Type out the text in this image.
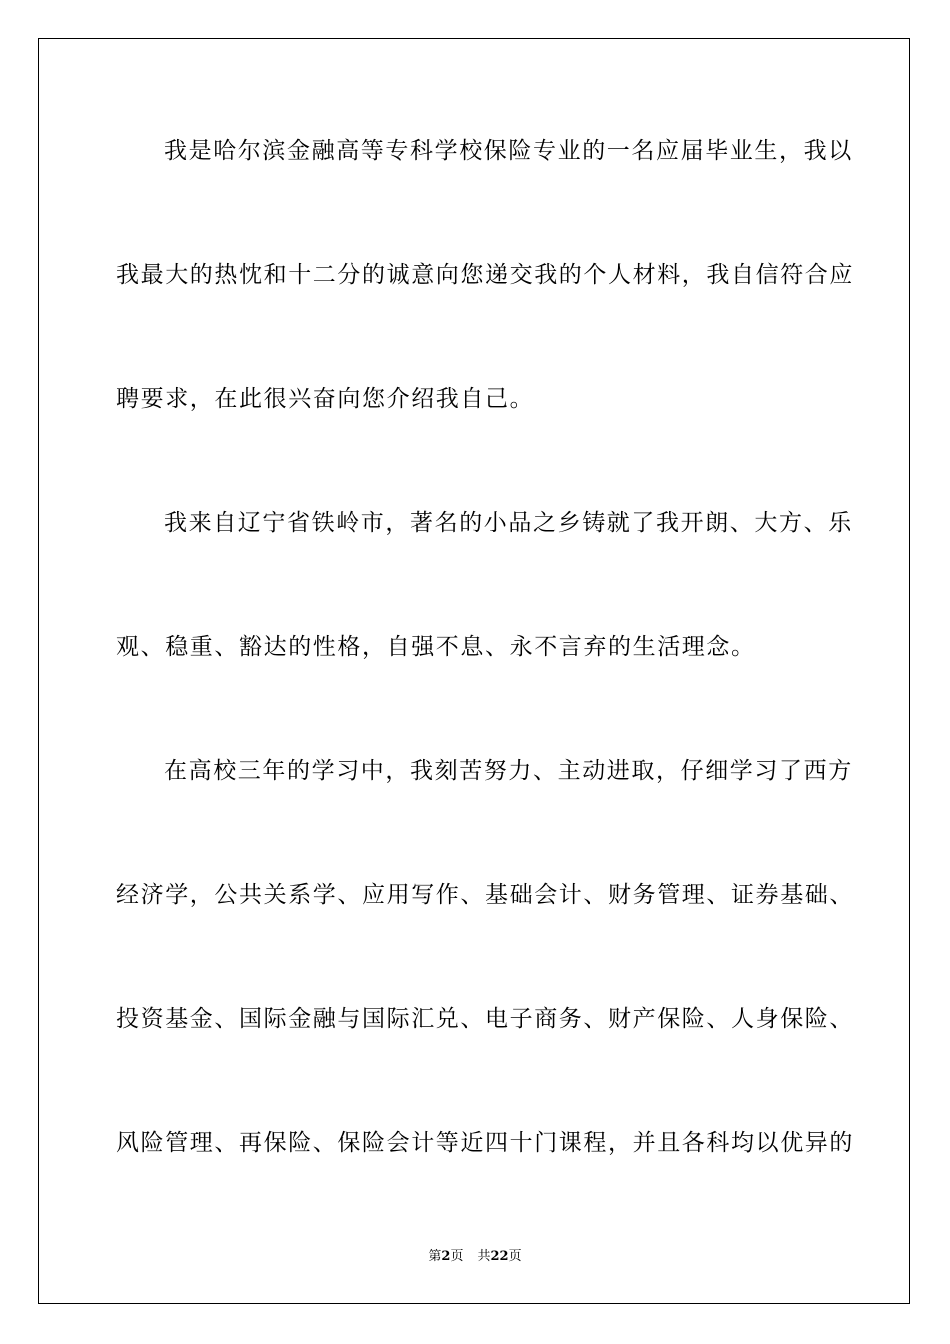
我是哈尔滨金融高等专科学校保险专业的一名应届毕业生，我以
我最大的热忱和十二分的诚意向您递交我的个人材料，我自信符合应
聘要求，在此很兴奋向您介绍我自己。
我来自辽宁省铁岭市，著名的小品之乡铸就了我开朗、大方、乐
观、稳重、豁达的性格，自强不息、永不言弃的生活理念。
在高校三年的学习中，我刻苦努力、主动进取，仔细学习了西方
经济学，公共关系学、应用写作、基础会计、财务管理、证券基础、
投资基金、国际金融与国际汇兑、电子商务、财产保险、人身保险、
风险管理、再保险、保险会计等近四十门课程，并且各科均以优异的
第2页 共22页
